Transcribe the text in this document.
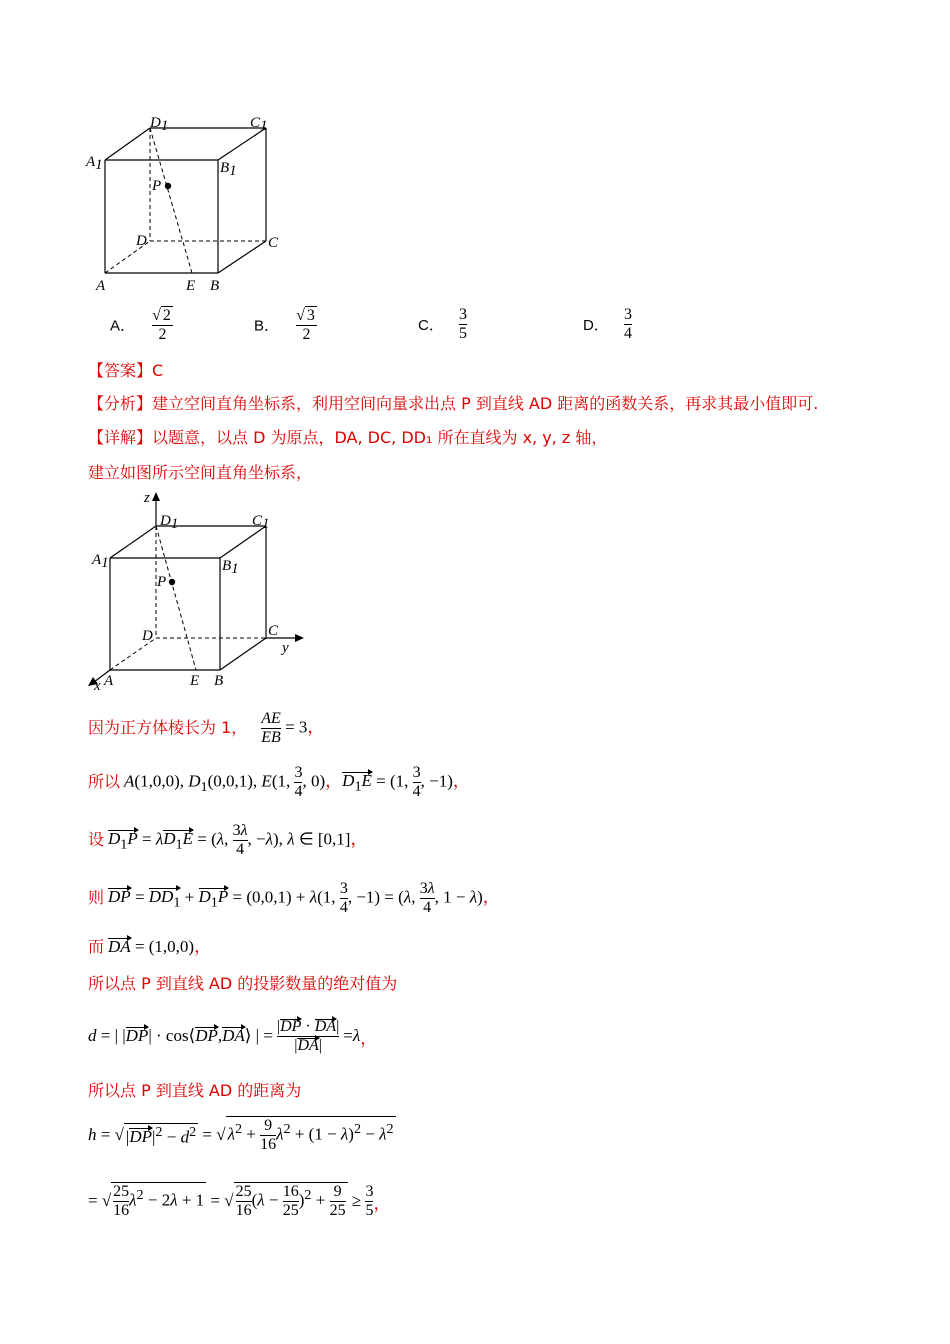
D1	C1
A1	B1
P
D	C
A	E B
A． $\frac{√ 2}{2}$	B． $\frac{√ 3}{2}$	C． $\frac{3}{5}$	D． $\frac{3}{4}$
【答案】C
【分析】建立空间直角坐标系，利用空间向量求出点 P 到直线 AD 距离的函数关系，再求其最小值即可.
【详解】以题意，以点 D 为原点，DA, DC, DD₁ 所在直线为 x, y, z 轴，
建立如图所示空间直角坐标系，
z
D1	C1
A1	B1
P
D	C
y
A
x	E B
因为正方体棱长为 1， $\frac{AE}{EB} = 3$，
所以 A(1,0,0), $D_1(0,0,1)$, E(1, $\frac{3}{4}$ , 0)，$D_1E = (1$, $\frac{3}{4}$ , −1)，
设 $D_1P = \lambda D_1E = (\lambda$, $\frac{3\lambda}{4}$ , −λ), λ ∈ [0,1]，
则 DP = $DD_1 + D_1P = (0,0,1) + \lambda(1$, $\frac{3}{4}$ , −1) = (λ, $\frac{3\lambda}{4}$ , 1 − λ)，
而 DA = (1,0,0)，
所以点 P 到直线 AD 的投影数量的绝对值为
d = | | DP | · cos⟨ DP , DA ⟩ | = $\frac{|DP \cdot DA|}{|DA|} = \lambda$ ，
所以点 P 到直线 AD 的距离为
h = √ $|DP|^2 - d^2$ = √ $\lambda^2 + \frac{9}{16} \lambda^2 + (1 - \lambda)^2 - \lambda^2$
= √ $\frac{25}{16} \lambda^2 - 2\lambda + 1$ = √ $\frac{25}{16} (\lambda - \frac{16}{25} )^2 + \frac{9}{25} \ge \frac{3}{5}$ ，
